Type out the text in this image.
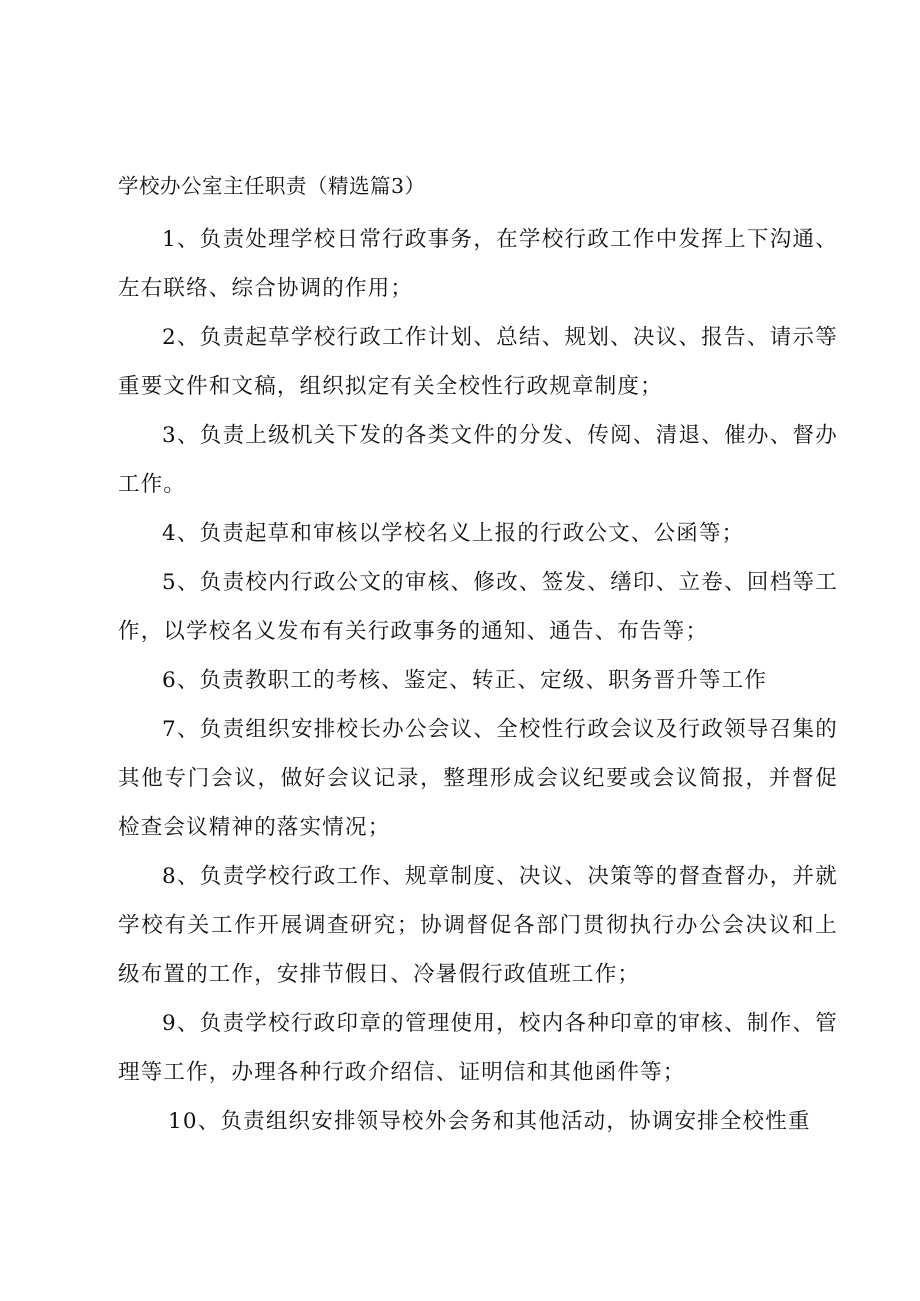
学校办公室主任职责（精选篇3）

1、负责处理学校日常行政事务，在学校行政工作中发挥上下沟通、左右联络、综合协调的作用；

2、负责起草学校行政工作计划、总结、规划、决议、报告、请示等重要文件和文稿，组织拟定有关全校性行政规章制度；

3、负责上级机关下发的各类文件的分发、传阅、清退、催办、督办工作。

4、负责起草和审核以学校名义上报的行政公文、公函等；

5、负责校内行政公文的审核、修改、签发、缮印、立卷、回档等工作，以学校名义发布有关行政事务的通知、通告、布告等；

6、负责教职工的考核、鉴定、转正、定级、职务晋升等工作

7、负责组织安排校长办公会议、全校性行政会议及行政领导召集的其他专门会议，做好会议记录，整理形成会议纪要或会议简报，并督促检查会议精神的落实情况；

8、负责学校行政工作、规章制度、决议、决策等的督查督办，并就学校有关工作开展调查研究；协调督促各部门贯彻执行办公会决议和上级布置的工作，安排节假日、冷暑假行政值班工作；

9、负责学校行政印章的管理使用，校内各种印章的审核、制作、管理等工作，办理各种行政介绍信、证明信和其他函件等；

10、负责组织安排领导校外会务和其他活动，协调安排全校性重
